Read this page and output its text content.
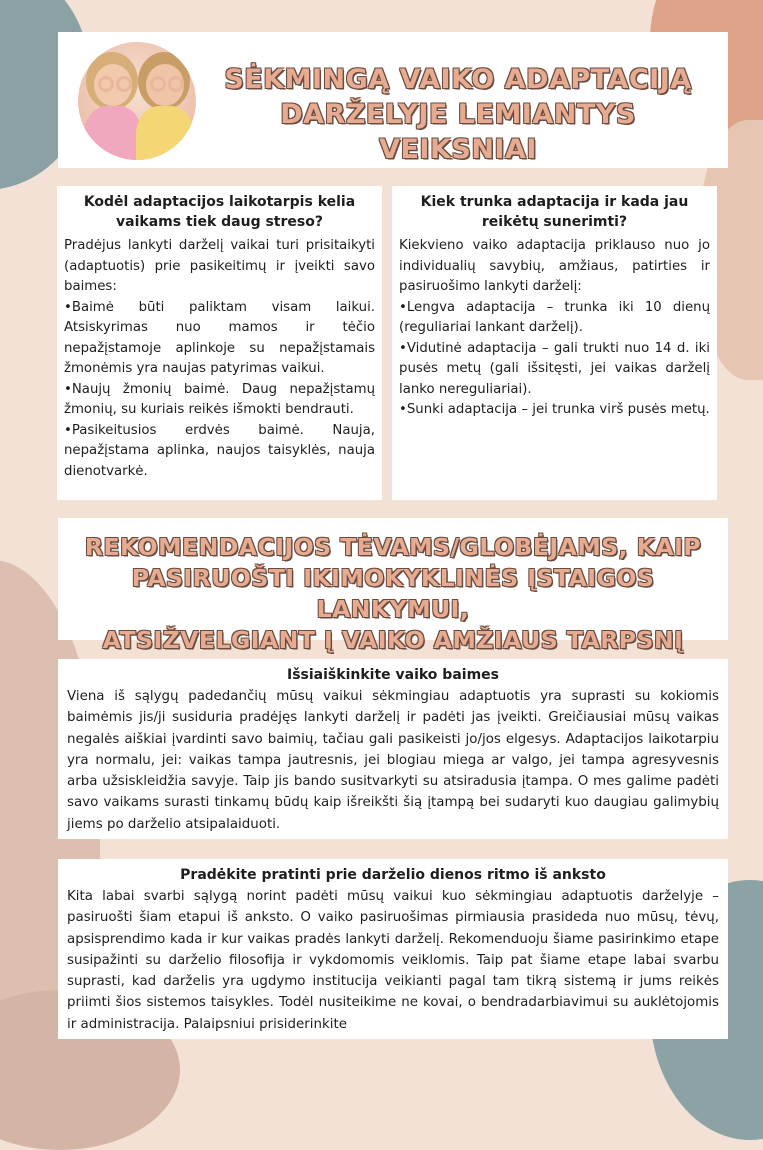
SĖKMINGĄ VAIKO ADAPTACIJĄ
DARŽELYJE LEMIANTYS VEIKSNIAI
Kodėl adaptacijos laikotarpis kelia vaikams tiek daug streso?

Pradėjus lankyti darželį vaikai turi prisitaikyti (adaptuotis) prie pasikeitimų ir įveikti savo baimes:

•Baimė būti paliktam visam laikui. Atsiskyrimas nuo mamos ir tėčio nepažįstamoje aplinkoje su nepažįstamais žmonėmis yra naujas patyrimas vaikui.

•Naujų žmonių baimė. Daug nepažįstamų žmonių, su kuriais reikės išmokti bendrauti.

•Pasikeitusios erdvės baimė. Nauja, nepažįstama aplinka, naujos taisyklės, nauja dienotvarkė.

Kiek trunka adaptacija ir kada jau reikėtų sunerimti?

Kiekvieno vaiko adaptacija priklauso nuo jo individualių savybių, amžiaus, patirties ir pasiruošimo lankyti darželį:

•Lengva adaptacija – trunka iki 10 dienų (reguliariai lankant darželį).

•Vidutinė adaptacija – gali trukti nuo 14 d. iki pusės metų (gali išsitęsti, jei vaikas darželį lanko nereguliariai).

•Sunki adaptacija – jei trunka virš pusės metų.

REKOMENDACIJOS TĖVAMS/GLOBĖJAMS, KAIP
PASIRUOŠTI IKIMOKYKLINĖS ĮSTAIGOS LANKYMUI,
ATSIŽVELGIANT Į VAIKO AMŽIAUS TARPSNĮ
Išsiaiškinkite vaiko baimes

Viena iš sąlygų padedančių mūsų vaikui sėkmingiau adaptuotis yra suprasti su kokiomis baimėmis jis/ji susiduria pradėjęs lankyti darželį ir padėti jas įveikti. Greičiausiai mūsų vaikas negalės aiškiai įvardinti savo baimių, tačiau gali pasikeisti jo/jos elgesys. Adaptacijos laikotarpiu yra normalu, jei: vaikas tampa jautresnis, jei blogiau miega ar valgo, jei tampa agresyvesnis arba užsiskleidžia savyje. Taip jis bando susitvarkyti su atsiradusia įtampa. O mes galime padėti savo vaikams surasti tinkamų būdų kaip išreikšti šią įtampą bei sudaryti kuo daugiau galimybių jiems po darželio atsipalaiduoti.

Pradėkite pratinti prie darželio dienos ritmo iš anksto

Kita labai svarbi sąlygą norint padėti mūsų vaikui kuo sėkmingiau adaptuotis darželyje – pasiruošti šiam etapui iš anksto. O vaiko pasiruošimas pirmiausia prasideda nuo mūsų, tėvų, apsisprendimo kada ir kur vaikas pradės lankyti darželį. Rekomenduoju šiame pasirinkimo etape susipažinti su darželio filosofija ir vykdomomis veiklomis. Taip pat šiame etape labai svarbu suprasti, kad darželis yra ugdymo institucija veikianti pagal tam tikrą sistemą ir jums reikės priimti šios sistemos taisykles. Todėl nusiteikime ne kovai, o bendradarbiavimui su auklėtojomis ir administracija. Palaipsniui prisiderinkite
